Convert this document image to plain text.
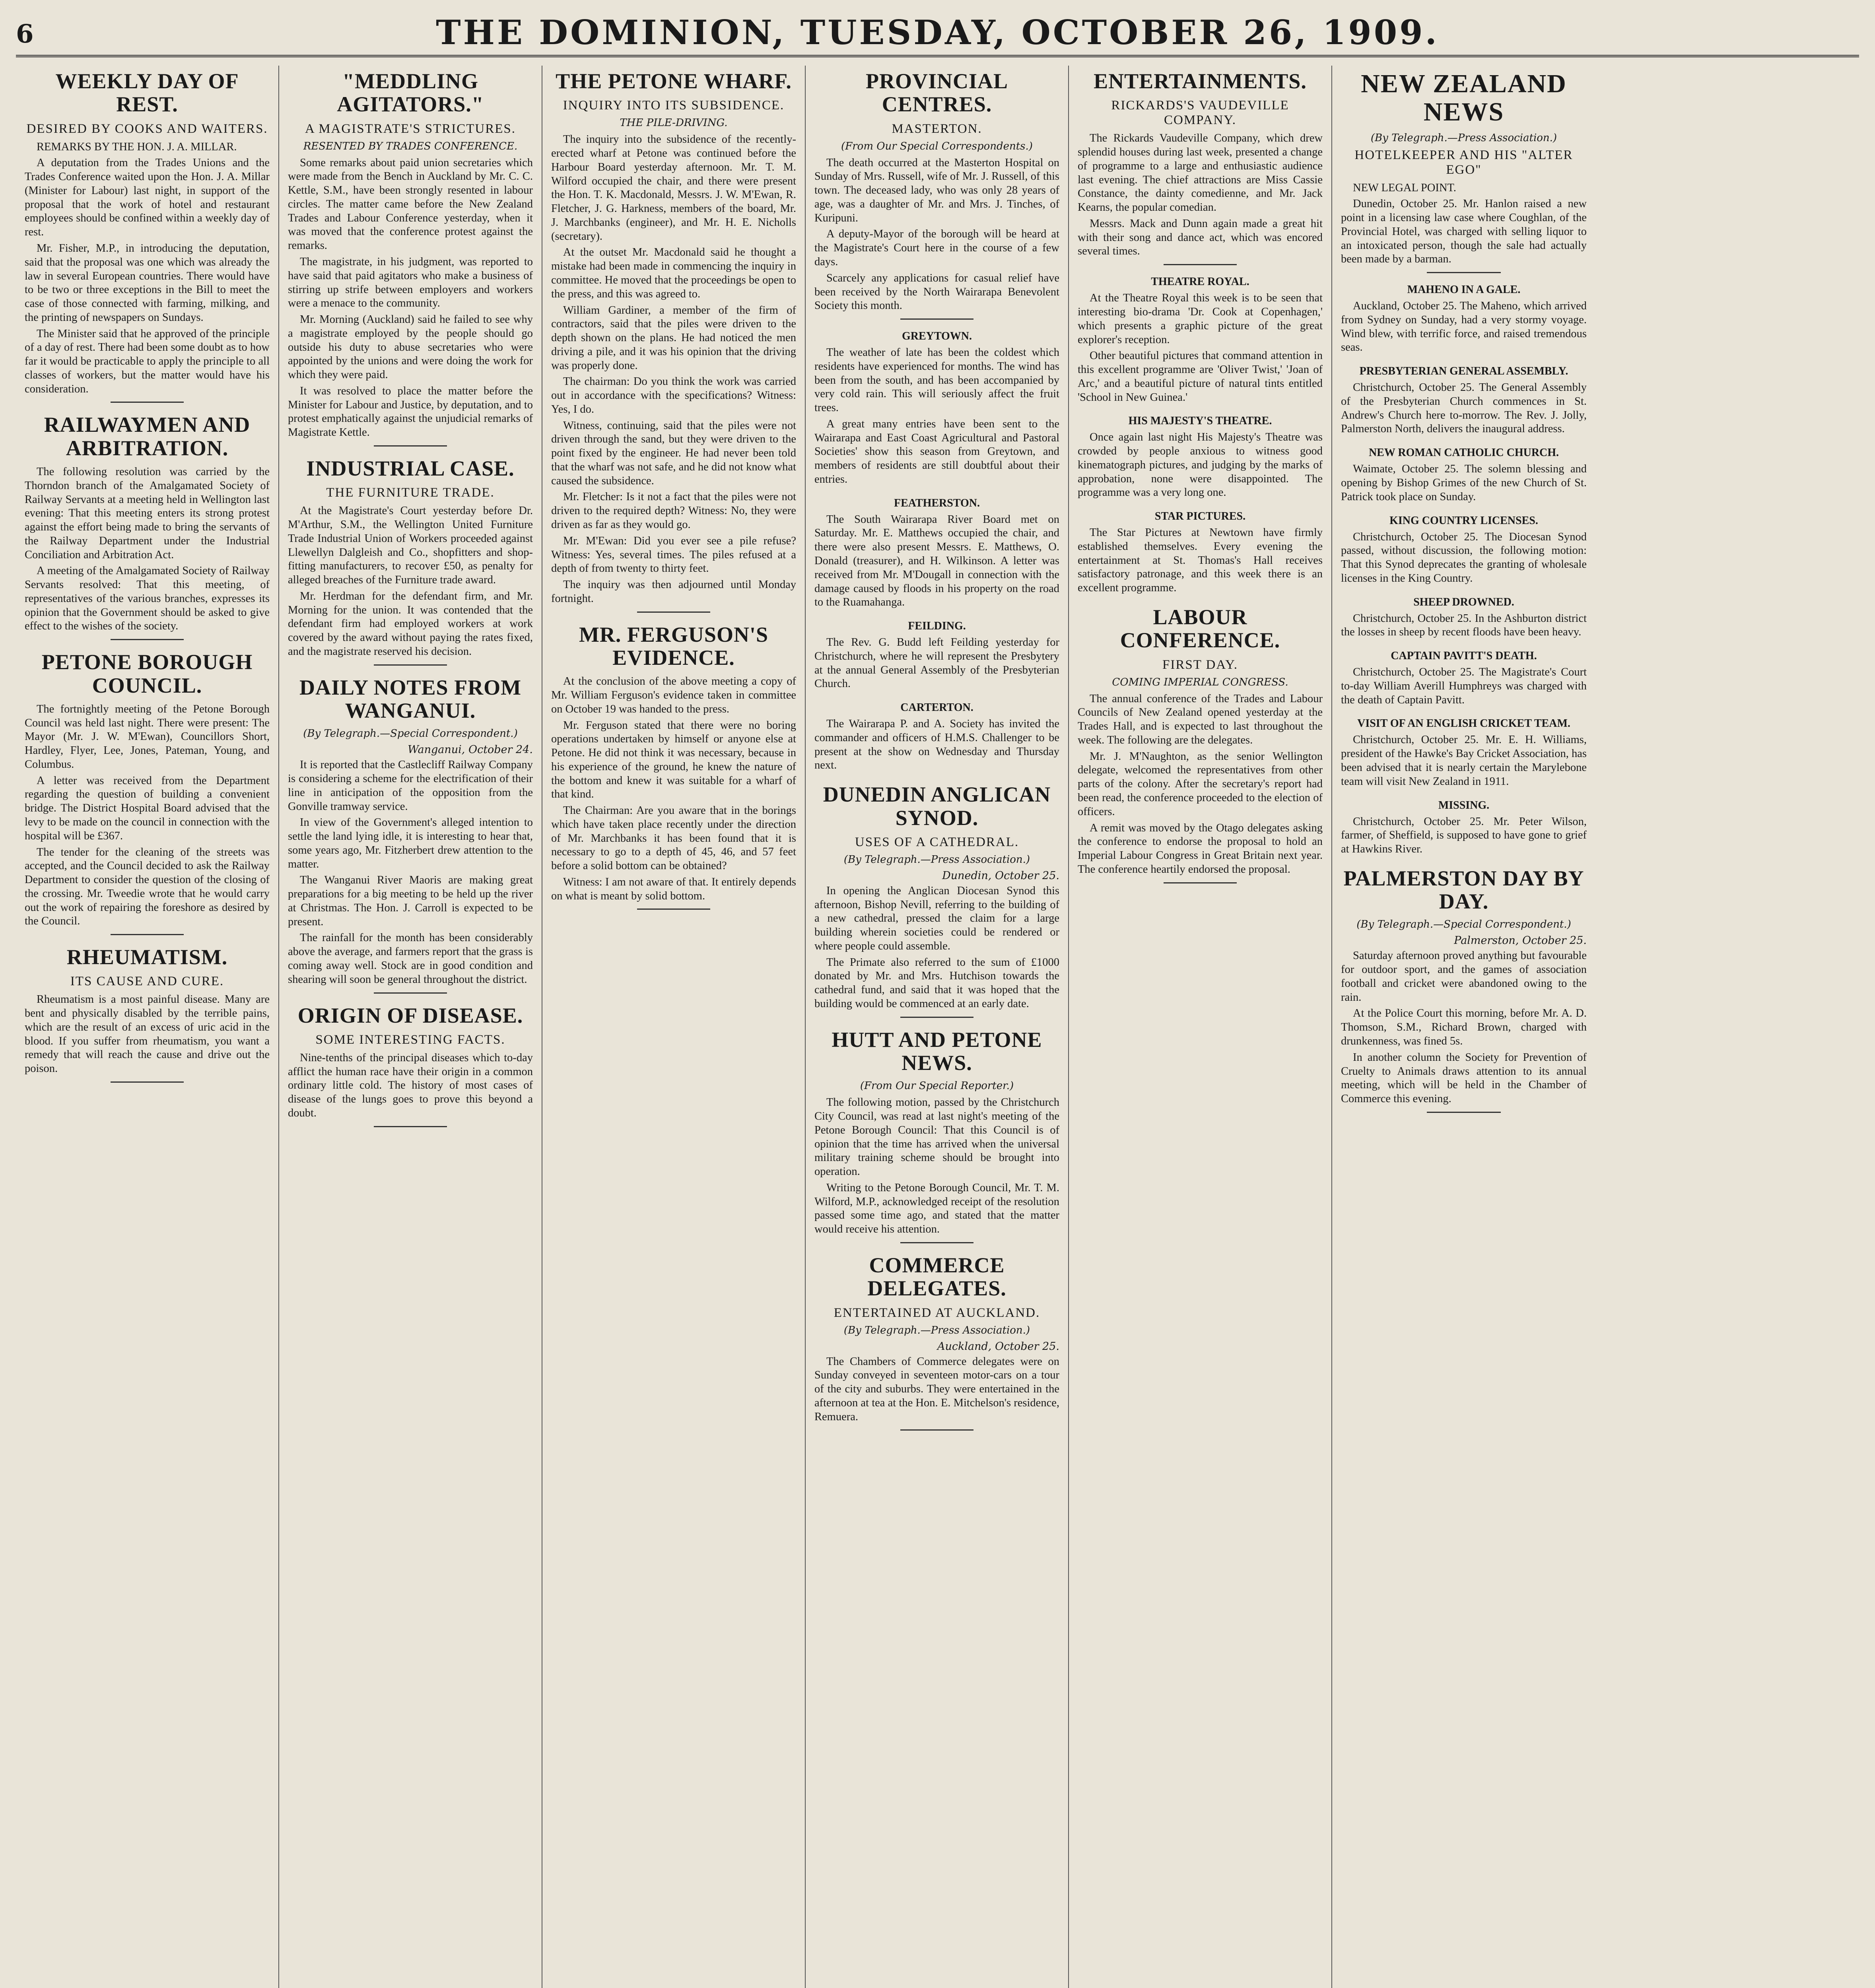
6	THE DOMINION, TUESDAY, OCTOBER 26, 1909.
WEEKLY DAY OF REST.
DESIRED BY COOKS AND WAITERS.

REMARKS BY THE HON. J. A. MILLAR.

A deputation from the Trades Unions and the Trades Conference waited upon the Hon. J. A. Millar (Minister for Labour) last night, in support of the proposal that the work of hotel and restaurant employees should be confined within a weekly day of rest.

Mr. Fisher, M.P., in introducing the deputation, said that the proposal was one which was already the law in several European countries. There would have to be two or three exceptions in the Bill to meet the case of those connected with farming, milking, and the printing of newspapers on Sundays.

The Minister said that he approved of the principle of a day of rest. There had been some doubt as to how far it would be practicable to apply the principle to all classes of workers, but the matter would have his consideration.

RAILWAYMEN AND ARBITRATION.

The following resolution was carried by the Thorndon branch of the Amalgamated Society of Railway Servants at a meeting held in Wellington last evening: That this meeting enters its strong protest against the effort being made to bring the servants of the Railway Department under the Industrial Conciliation and Arbitration Act.

A meeting of the Amalgamated Society of Railway Servants resolved: That this meeting, of representatives of the various branches, expresses its opinion that the Government should be asked to give effect to the wishes of the society.

PETONE BOROUGH COUNCIL.

The fortnightly meeting of the Petone Borough Council was held last night. There were present: The Mayor (Mr. J. W. M'Ewan), Councillors Short, Hardley, Flyer, Lee, Jones, Pateman, Young, and Columbus.

A letter was received from the Department regarding the question of building a convenient bridge. The District Hospital Board advised that the levy to be made on the council in connection with the hospital will be £367.

The tender for the cleaning of the streets was accepted, and the Council decided to ask the Railway Department to consider the question of the closing of the crossing. Mr. Tweedie wrote that he would carry out the work of repairing the foreshore as desired by the Council.

RHEUMATISM.
ITS CAUSE AND CURE.

Rheumatism is a most painful disease. Many are bent and physically disabled by the terrible pains, which are the result of an excess of uric acid in the blood. If you suffer from rheumatism, you want a remedy that will reach the cause and drive out the poison.

"MEDDLING AGITATORS."
A MAGISTRATE'S STRICTURES.
RESENTED BY TRADES CONFERENCE.

Some remarks about paid union secretaries which were made from the Bench in Auckland by Mr. C. C. Kettle, S.M., have been strongly resented in labour circles. The matter came before the New Zealand Trades and Labour Conference yesterday, when it was moved that the conference protest against the remarks.

The magistrate, in his judgment, was reported to have said that paid agitators who make a business of stirring up strife between employers and workers were a menace to the community.

Mr. Morning (Auckland) said he failed to see why a magistrate employed by the people should go outside his duty to abuse secretaries who were appointed by the unions and were doing the work for which they were paid.

It was resolved to place the matter before the Minister for Labour and Justice, by deputation, and to protest emphatically against the unjudicial remarks of Magistrate Kettle.

INDUSTRIAL CASE.
THE FURNITURE TRADE.

At the Magistrate's Court yesterday before Dr. M'Arthur, S.M., the Wellington United Furniture Trade Industrial Union of Workers proceeded against Llewellyn Dalgleish and Co., shopfitters and shop-fitting manufacturers, to recover £50, as penalty for alleged breaches of the Furniture trade award.

Mr. Herdman for the defendant firm, and Mr. Morning for the union. It was contended that the defendant firm had employed workers at work covered by the award without paying the rates fixed, and the magistrate reserved his decision.

DAILY NOTES FROM WANGANUI.
(By Telegraph.—Special Correspondent.)
Wanganui, October 24.

It is reported that the Castlecliff Railway Company is considering a scheme for the electrification of their line in anticipation of the opposition from the Gonville tramway service.

In view of the Government's alleged intention to settle the land lying idle, it is interesting to hear that, some years ago, Mr. Fitzherbert drew attention to the matter.

The Wanganui River Maoris are making great preparations for a big meeting to be held up the river at Christmas. The Hon. J. Carroll is expected to be present.

The rainfall for the month has been considerably above the average, and farmers report that the grass is coming away well. Stock are in good condition and shearing will soon be general throughout the district.

ORIGIN OF DISEASE.
SOME INTERESTING FACTS.

Nine-tenths of the principal diseases which to-day afflict the human race have their origin in a common ordinary little cold. The history of most cases of disease of the lungs goes to prove this beyond a doubt.

THE PETONE WHARF.
INQUIRY INTO ITS SUBSIDENCE.
THE PILE-DRIVING.

The inquiry into the subsidence of the recently-erected wharf at Petone was continued before the Harbour Board yesterday afternoon. Mr. T. M. Wilford occupied the chair, and there were present the Hon. T. K. Macdonald, Messrs. J. W. M'Ewan, R. Fletcher, J. G. Harkness, members of the board, Mr. J. Marchbanks (engineer), and Mr. H. E. Nicholls (secretary).

At the outset Mr. Macdonald said he thought a mistake had been made in commencing the inquiry in committee. He moved that the proceedings be open to the press, and this was agreed to.

William Gardiner, a member of the firm of contractors, said that the piles were driven to the depth shown on the plans. He had noticed the men driving a pile, and it was his opinion that the driving was properly done.

The chairman: Do you think the work was carried out in accordance with the specifications? Witness: Yes, I do.

Witness, continuing, said that the piles were not driven through the sand, but they were driven to the point fixed by the engineer. He had never been told that the wharf was not safe, and he did not know what caused the subsidence.

Mr. Fletcher: Is it not a fact that the piles were not driven to the required depth? Witness: No, they were driven as far as they would go.

Mr. M'Ewan: Did you ever see a pile refuse? Witness: Yes, several times. The piles refused at a depth of from twenty to thirty feet.

The inquiry was then adjourned until Monday fortnight.

MR. FERGUSON'S EVIDENCE.

At the conclusion of the above meeting a copy of Mr. William Ferguson's evidence taken in committee on October 19 was handed to the press.

Mr. Ferguson stated that there were no boring operations undertaken by himself or anyone else at Petone. He did not think it was necessary, because in his experience of the ground, he knew the nature of the bottom and knew it was suitable for a wharf of that kind.

The Chairman: Are you aware that in the borings which have taken place recently under the direction of Mr. Marchbanks it has been found that it is necessary to go to a depth of 45, 46, and 57 feet before a solid bottom can be obtained?

Witness: I am not aware of that. It entirely depends on what is meant by solid bottom.

PROVINCIAL CENTRES.
MASTERTON.
(From Our Special Correspondents.)

The death occurred at the Masterton Hospital on Sunday of Mrs. Russell, wife of Mr. J. Russell, of this town. The deceased lady, who was only 28 years of age, was a daughter of Mr. and Mrs. J. Tinches, of Kuripuni.

A deputy-Mayor of the borough will be heard at the Magistrate's Court here in the course of a few days.

Scarcely any applications for casual relief have been received by the North Wairarapa Benevolent Society this month.

GREYTOWN.

The weather of late has been the coldest which residents have experienced for months. The wind has been from the south, and has been accompanied by very cold rain. This will seriously affect the fruit trees.

A great many entries have been sent to the Wairarapa and East Coast Agricultural and Pastoral Societies' show this season from Greytown, and members of residents are still doubtful about their entries.

FEATHERSTON.

The South Wairarapa River Board met on Saturday. Mr. E. Matthews occupied the chair, and there were also present Messrs. E. Matthews, O. Donald (treasurer), and H. Wilkinson. A letter was received from Mr. M'Dougall in connection with the damage caused by floods in his property on the road to the Ruamahanga.

FEILDING.

The Rev. G. Budd left Feilding yesterday for Christchurch, where he will represent the Presbytery at the annual General Assembly of the Presbyterian Church.

CARTERTON.

The Wairarapa P. and A. Society has invited the commander and officers of H.M.S. Challenger to be present at the show on Wednesday and Thursday next.

DUNEDIN ANGLICAN SYNOD.
USES OF A CATHEDRAL.
(By Telegraph.—Press Association.)
Dunedin, October 25.

In opening the Anglican Diocesan Synod this afternoon, Bishop Nevill, referring to the building of a new cathedral, pressed the claim for a large building wherein societies could be rendered or where people could assemble.

The Primate also referred to the sum of £1000 donated by Mr. and Mrs. Hutchison towards the cathedral fund, and said that it was hoped that the building would be commenced at an early date.

HUTT AND PETONE NEWS.
(From Our Special Reporter.)

The following motion, passed by the Christchurch City Council, was read at last night's meeting of the Petone Borough Council: That this Council is of opinion that the time has arrived when the universal military training scheme should be brought into operation.

Writing to the Petone Borough Council, Mr. T. M. Wilford, M.P., acknowledged receipt of the resolution passed some time ago, and stated that the matter would receive his attention.

COMMERCE DELEGATES.
ENTERTAINED AT AUCKLAND.
(By Telegraph.—Press Association.)
Auckland, October 25.

The Chambers of Commerce delegates were on Sunday conveyed in seventeen motor-cars on a tour of the city and suburbs. They were entertained in the afternoon at tea at the Hon. E. Mitchelson's residence, Remuera.

ENTERTAINMENTS.
RICKARDS'S VAUDEVILLE COMPANY.

The Rickards Vaudeville Company, which drew splendid houses during last week, presented a change of programme to a large and enthusiastic audience last evening. The chief attractions are Miss Cassie Constance, the dainty comedienne, and Mr. Jack Kearns, the popular comedian.

Messrs. Mack and Dunn again made a great hit with their song and dance act, which was encored several times.

THEATRE ROYAL.

At the Theatre Royal this week is to be seen that interesting bio-drama 'Dr. Cook at Copenhagen,' which presents a graphic picture of the great explorer's reception.

Other beautiful pictures that command attention in this excellent programme are 'Oliver Twist,' 'Joan of Arc,' and a beautiful picture of natural tints entitled 'School in New Guinea.'

HIS MAJESTY'S THEATRE.

Once again last night His Majesty's Theatre was crowded by people anxious to witness good kinematograph pictures, and judging by the marks of approbation, none were disappointed. The programme was a very long one.

STAR PICTURES.

The Star Pictures at Newtown have firmly established themselves. Every evening the entertainment at St. Thomas's Hall receives satisfactory patronage, and this week there is an excellent programme.

LABOUR CONFERENCE.
FIRST DAY.
COMING IMPERIAL CONGRESS.

The annual conference of the Trades and Labour Councils of New Zealand opened yesterday at the Trades Hall, and is expected to last throughout the week. The following are the delegates.

Mr. J. M'Naughton, as the senior Wellington delegate, welcomed the representatives from other parts of the colony. After the secretary's report had been read, the conference proceeded to the election of officers.

A remit was moved by the Otago delegates asking the conference to endorse the proposal to hold an Imperial Labour Congress in Great Britain next year. The conference heartily endorsed the proposal.

NEW ZEALAND NEWS
(By Telegraph.—Press Association.)
HOTELKEEPER AND HIS "ALTER EGO"

NEW LEGAL POINT.

Dunedin, October 25. Mr. Hanlon raised a new point in a licensing law case where Coughlan, of the Provincial Hotel, was charged with selling liquor to an intoxicated person, though the sale had actually been made by a barman.

MAHENO IN A GALE.

Auckland, October 25. The Maheno, which arrived from Sydney on Sunday, had a very stormy voyage. Wind blew, with terrific force, and raised tremendous seas.

PRESBYTERIAN GENERAL ASSEMBLY.

Christchurch, October 25. The General Assembly of the Presbyterian Church commences in St. Andrew's Church here to-morrow. The Rev. J. Jolly, Palmerston North, delivers the inaugural address.

NEW ROMAN CATHOLIC CHURCH.

Waimate, October 25. The solemn blessing and opening by Bishop Grimes of the new Church of St. Patrick took place on Sunday.

KING COUNTRY LICENSES.

Christchurch, October 25. The Diocesan Synod passed, without discussion, the following motion: That this Synod deprecates the granting of wholesale licenses in the King Country.

SHEEP DROWNED.

Christchurch, October 25. In the Ashburton district the losses in sheep by recent floods have been heavy.

CAPTAIN PAVITT'S DEATH.

Christchurch, October 25. The Magistrate's Court to-day William Averill Humphreys was charged with the death of Captain Pavitt.

VISIT OF AN ENGLISH CRICKET TEAM.

Christchurch, October 25. Mr. E. H. Williams, president of the Hawke's Bay Cricket Association, has been advised that it is nearly certain the Marylebone team will visit New Zealand in 1911.

MISSING.

Christchurch, October 25. Mr. Peter Wilson, farmer, of Sheffield, is supposed to have gone to grief at Hawkins River.

PALMERSTON DAY BY DAY.
(By Telegraph.—Special Correspondent.)
Palmerston, October 25.

Saturday afternoon proved anything but favourable for outdoor sport, and the games of association football and cricket were abandoned owing to the rain.

At the Police Court this morning, before Mr. A. D. Thomson, S.M., Richard Brown, charged with drunkenness, was fined 5s.

In another column the Society for Prevention of Cruelty to Animals draws attention to its annual meeting, which will be held in the Chamber of Commerce this evening.
